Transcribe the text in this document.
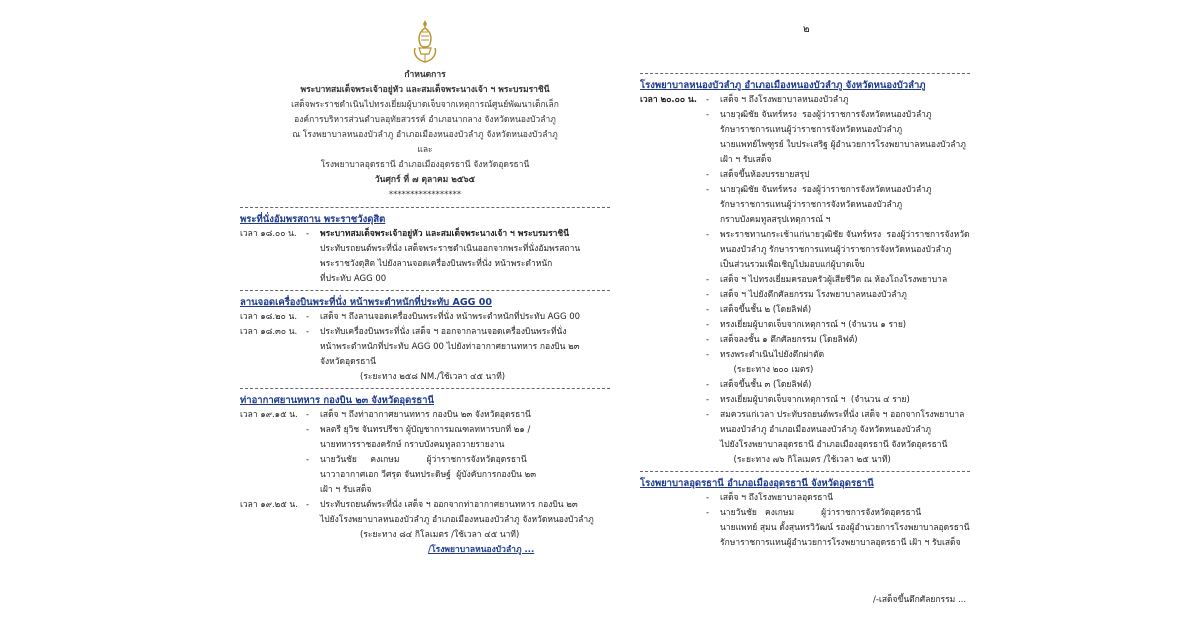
กำหนดการ
พระบาทสมเด็จพระเจ้าอยู่หัว และสมเด็จพระนางเจ้า ฯ พระบรมราชินี
เสด็จพระราชดำเนินไปทรงเยี่ยมผู้บาดเจ็บจากเหตุการณ์ศูนย์พัฒนาเด็กเล็ก
องค์การบริหารส่วนตำบลอุทัยสวรรค์ อำเภอนากลาง จังหวัดหนองบัวลำภู
ณ โรงพยาบาลหนองบัวลำภู อำเภอเมืองหนองบัวลำภู จังหวัดหนองบัวลำภู
และ
โรงพยาบาลอุดรธานี อำเภอเมืองอุดรธานี จังหวัดอุดรธานี
วันศุกร์ ที่ ๗ ตุลาคม ๒๕๖๕
*****************
พระที่นั่งอัมพรสถาน พระราชวังดุสิต
เวลา ๑๘.๐๐ น.	-	พระบาทสมเด็จพระเจ้าอยู่หัว และสมเด็จพระนางเจ้า ฯ พระบรมราชินี
ประทับรถยนต์พระที่นั่ง เสด็จพระราชดำเนินออกจากพระที่นั่งอัมพรสถาน
พระราชวังดุสิต ไปยังลานจอดเครื่องบินพระที่นั่ง หน้าพระตำหนัก
ที่ประทับ AGG 00
ลานจอดเครื่องบินพระที่นั่ง หน้าพระตำหนักที่ประทับ AGG 00
เวลา ๑๘.๒๐ น.	-	เสด็จ ฯ ถึงลานจอดเครื่องบินพระที่นั่ง หน้าพระตำหนักที่ประทับ AGG 00
เวลา ๑๘.๓๐ น.	-	ประทับเครื่องบินพระที่นั่ง เสด็จ ฯ ออกจากลานจอดเครื่องบินพระที่นั่ง
หน้าพระตำหนักที่ประทับ AGG 00 ไปยังท่าอากาศยานทหาร กองบิน ๒๓
จังหวัดอุดรธานี
(ระยะทาง ๒๕๘ NM./ใช้เวลา ๔๕ นาที)
ท่าอากาศยานทหาร กองบิน ๒๓ จังหวัดอุดรธานี
เวลา ๑๙.๑๕ น. -	เสด็จ ฯ ถึงท่าอากาศยานทหาร กองบิน ๒๓ จังหวัดอุดรธานี
-	พลตรี ยุวิช จันทรปรีชา ผู้บัญชาการมณฑลทหารบกที่ ๒๑ /
นายทหารราชองครักษ์ กราบบังคมทูลถวายรายงาน
-	นายวันชัย     คงเกษม          ผู้ว่าราชการจังหวัดอุดรธานี
นาวาอากาศเอก วีศรุต จันทประดิษฐ์  ผู้บังคับการกองบิน ๒๓
เฝ้า ฯ รับเสด็จ
เวลา ๑๙.๒๕ น. -	ประทับรถยนต์พระที่นั่ง เสด็จ ฯ ออกจากท่าอากาศยานทหาร กองบิน ๒๓
ไปยังโรงพยาบาลหนองบัวลำภู อำเภอเมืองหนองบัวลำภู จังหวัดหนองบัวลำภู
(ระยะทาง ๘๔ กิโลเมตร /ใช้เวลา ๔๕ นาที)
/โรงพยาบาลหนองบัวลำภู ...
๒
โรงพยาบาลหนองบัวลำภู อำเภอเมืองหนองบัวลำภู จังหวัดหนองบัวลำภู
เวลา ๒๐.๐๐ น.	-	เสด็จ ฯ ถึงโรงพยาบาลหนองบัวลำภู
-	นายวุฒิชัย จันทร์หรง  รองผู้ว่าราชการจังหวัดหนองบัวลำภู
รักษาราชการแทนผู้ว่าราชการจังหวัดหนองบัวลำภู
นายแพทย์ไพฑูรย์ ใบประเสริฐ ผู้อำนวยการโรงพยาบาลหนองบัวลำภู
เฝ้า ฯ รับเสด็จ
-	เสด็จขึ้นห้องบรรยายสรุป
-	นายวุฒิชัย จันทร์หรง  รองผู้ว่าราชการจังหวัดหนองบัวลำภู
รักษาราชการแทนผู้ว่าราชการจังหวัดหนองบัวลำภู
กราบบังคมทูลสรุปเหตุการณ์ ฯ
-	พระราชทานกระเช้าแก่นายวุฒิชัย จันทร์หรง  รองผู้ว่าราชการจังหวัด
หนองบัวลำภู รักษาราชการแทนผู้ว่าราชการจังหวัดหนองบัวลำภู
เป็นส่วนรวมเพื่อเชิญไปมอบแก่ผู้บาดเจ็บ
-	เสด็จ ฯ ไปทรงเยี่ยมครอบครัวผู้เสียชีวิต ณ ห้องโถงโรงพยาบาล
-	เสด็จ ฯ ไปยังตึกศัลยกรรม โรงพยาบาลหนองบัวลำภู
-	เสด็จขึ้นชั้น ๒ (โดยลิฟต์)
-	ทรงเยี่ยมผู้บาดเจ็บจากเหตุการณ์ ฯ (จำนวน ๑ ราย)
-	เสด็จลงชั้น ๑ ตึกศัลยกรรม (โดยลิฟต์)
-	ทรงพระดำเนินไปยังตึกผ่าตัด
(ระยะทาง ๒๐๐ เมตร)
-	เสด็จขึ้นชั้น ๓ (โดยลิฟต์)
-	ทรงเยี่ยมผู้บาดเจ็บจากเหตุการณ์ ฯ  (จำนวน ๔ ราย)
-	สมควรแก่เวลา ประทับรถยนต์พระที่นั่ง เสด็จ ฯ ออกจากโรงพยาบาล
หนองบัวลำภู อำเภอเมืองหนองบัวลำภู จังหวัดหนองบัวลำภู
ไปยังโรงพยาบาลอุดรธานี อำเภอเมืองอุดรธานี จังหวัดอุดรธานี
(ระยะทาง ๗๖ กิโลเมตร /ใช้เวลา ๒๕ นาที)
โรงพยาบาลอุดรธานี อำเภอเมืองอุดรธานี จังหวัดอุดรธานี
-	เสด็จ ฯ ถึงโรงพยาบาลอุดรธานี
-	นายวันชัย   คงเกษม          ผู้ว่าราชการจังหวัดอุดรธานี
นายแพทย์ สุมน ตั้งสุนทรวิวัฒน์ รองผู้อำนวยการโรงพยาบาลอุดรธานี
รักษาราชการแทนผู้อำนวยการโรงพยาบาลอุดรธานี เฝ้า ฯ รับเสด็จ
/-เสด็จขึ้นตึกศัลยกรรม ...
